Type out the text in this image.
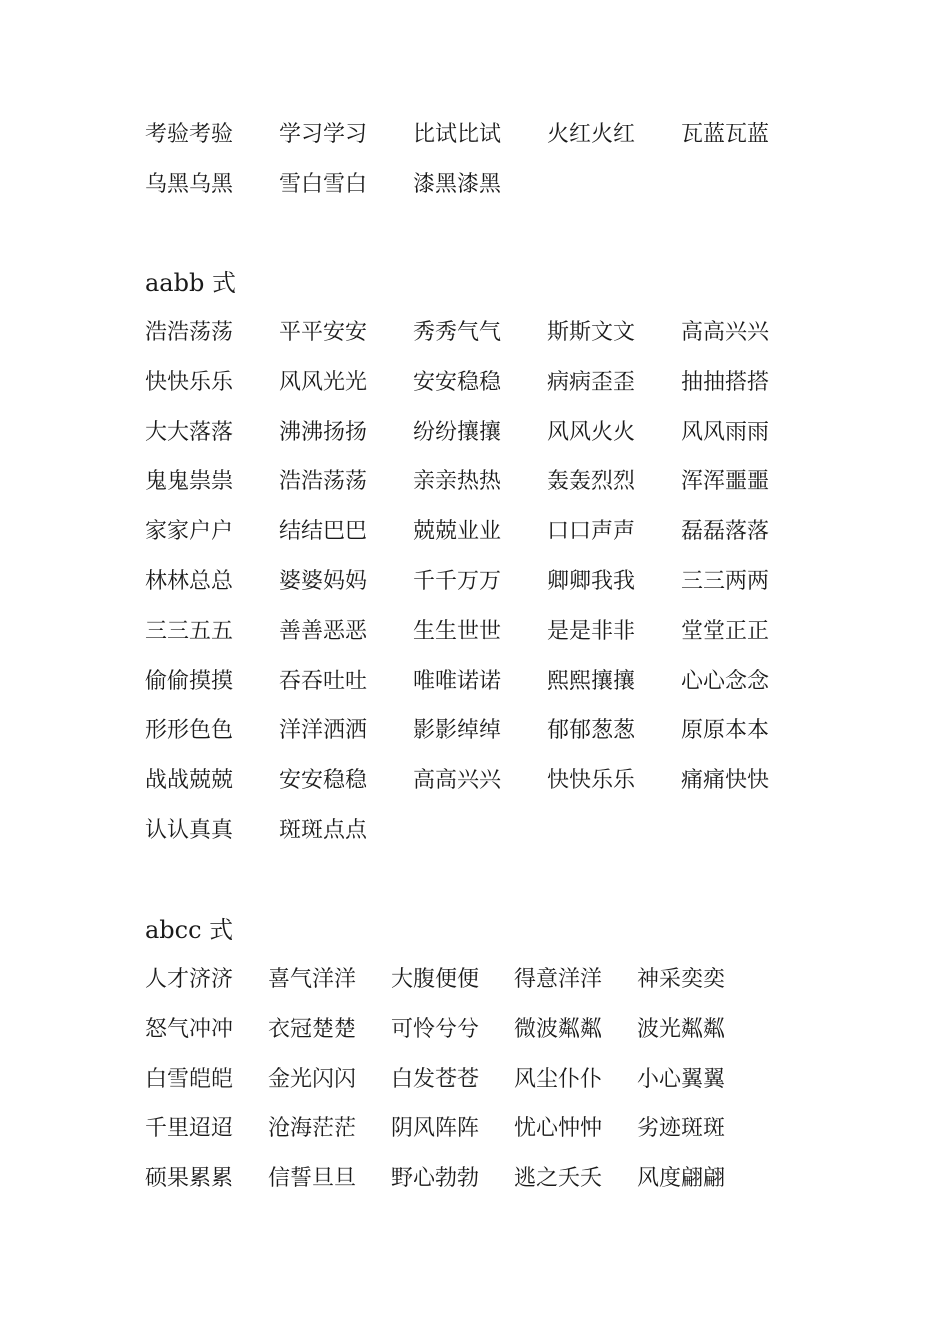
考验考验 学习学习 比试比试 火红火红 瓦蓝瓦蓝
乌黑乌黑 雪白雪白 漆黑漆黑
aabb 式
浩浩荡荡 平平安安 秀秀气气 斯斯文文 高高兴兴
快快乐乐 风风光光 安安稳稳 病病歪歪 抽抽搭搭
大大落落 沸沸扬扬 纷纷攘攘 风风火火 风风雨雨
鬼鬼祟祟 浩浩荡荡 亲亲热热 轰轰烈烈 浑浑噩噩
家家户户 结结巴巴 兢兢业业 口口声声 磊磊落落
林林总总 婆婆妈妈 千千万万 卿卿我我 三三两两
三三五五 善善恶恶 生生世世 是是非非 堂堂正正
偷偷摸摸 吞吞吐吐 唯唯诺诺 熙熙攘攘 心心念念
形形色色 洋洋洒洒 影影绰绰 郁郁葱葱 原原本本
战战兢兢 安安稳稳 高高兴兴 快快乐乐 痛痛快快
认认真真 斑斑点点
abcc 式
人才济济 喜气洋洋 大腹便便 得意洋洋 神采奕奕
怒气冲冲 衣冠楚楚 可怜兮兮 微波粼粼 波光粼粼
白雪皑皑 金光闪闪 白发苍苍 风尘仆仆 小心翼翼
千里迢迢 沧海茫茫 阴风阵阵 忧心忡忡 劣迹斑斑
硕果累累 信誓旦旦 野心勃勃 逃之夭夭 风度翩翩
